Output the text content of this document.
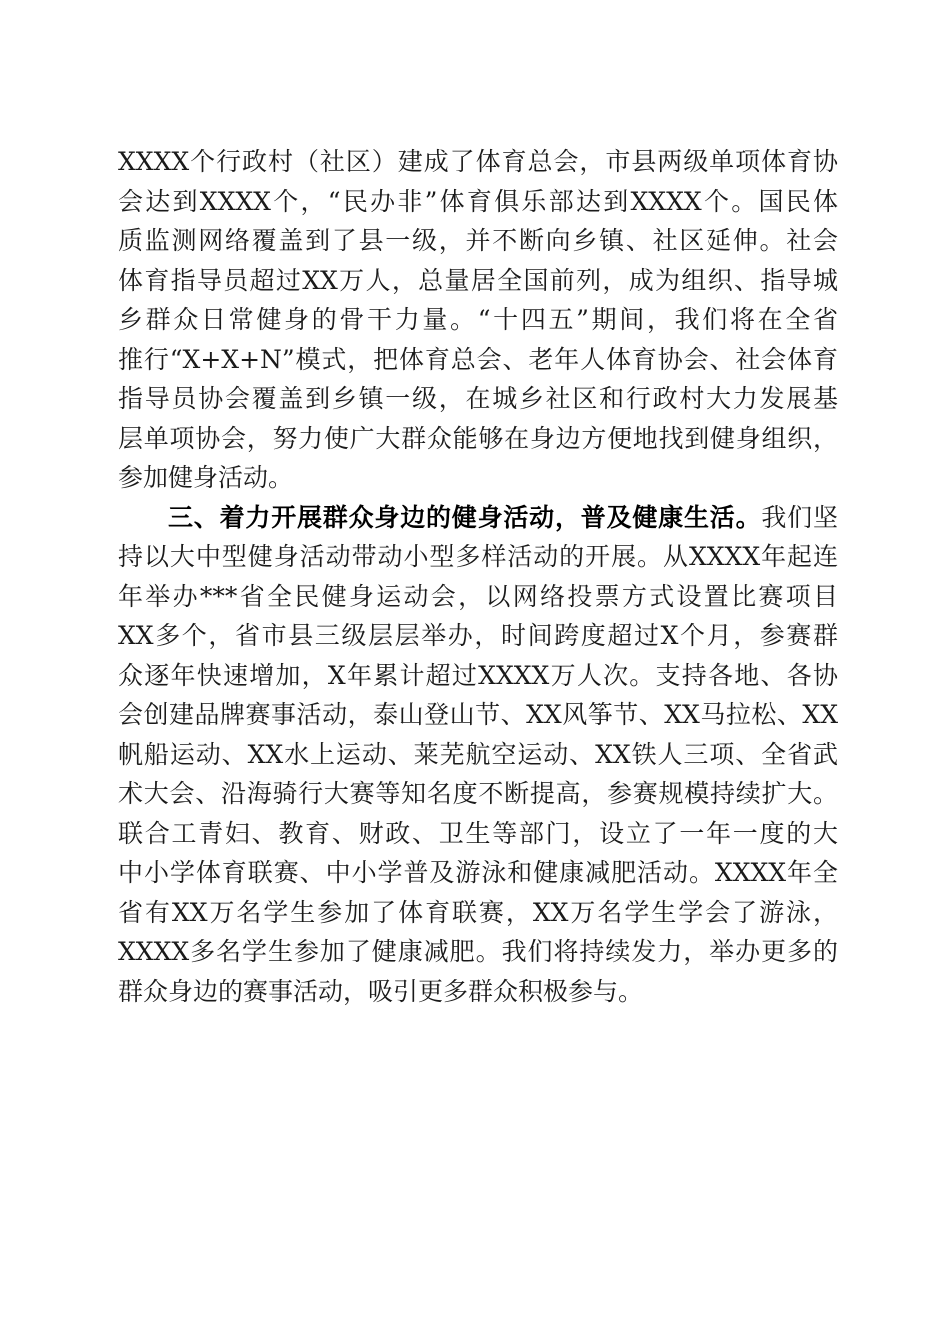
XXXX个行政村（社区）建成了体育总会，市县两级单项体育协
会达到XXXX个，“民办非”体育俱乐部达到XXXX个。国民体
质监测网络覆盖到了县一级，并不断向乡镇、社区延伸。社会
体育指导员超过XX万人，总量居全国前列，成为组织、指导城
乡群众日常健身的骨干力量。“十四五”期间，我们将在全省
推行“X+X+N”模式，把体育总会、老年人体育协会、社会体育
指导员协会覆盖到乡镇一级，在城乡社区和行政村大力发展基
层单项协会，努力使广大群众能够在身边方便地找到健身组织，
参加健身活动。
三、着力开展群众身边的健身活动，普及健康生活。我们坚
持以大中型健身活动带动小型多样活动的开展。从XXXX年起连
年举办***省全民健身运动会，以网络投票方式设置比赛项目
XX多个，省市县三级层层举办，时间跨度超过X个月，参赛群
众逐年快速增加，X年累计超过XXXX万人次。支持各地、各协
会创建品牌赛事活动，泰山登山节、XX风筝节、XX马拉松、XX
帆船运动、XX水上运动、莱芜航空运动、XX铁人三项、全省武
术大会、沿海骑行大赛等知名度不断提高，参赛规模持续扩大。
联合工青妇、教育、财政、卫生等部门，设立了一年一度的大
中小学体育联赛、中小学普及游泳和健康减肥活动。XXXX年全
省有XX万名学生参加了体育联赛，XX万名学生学会了游泳，
XXXX多名学生参加了健康减肥。我们将持续发力，举办更多的
群众身边的赛事活动，吸引更多群众积极参与。
